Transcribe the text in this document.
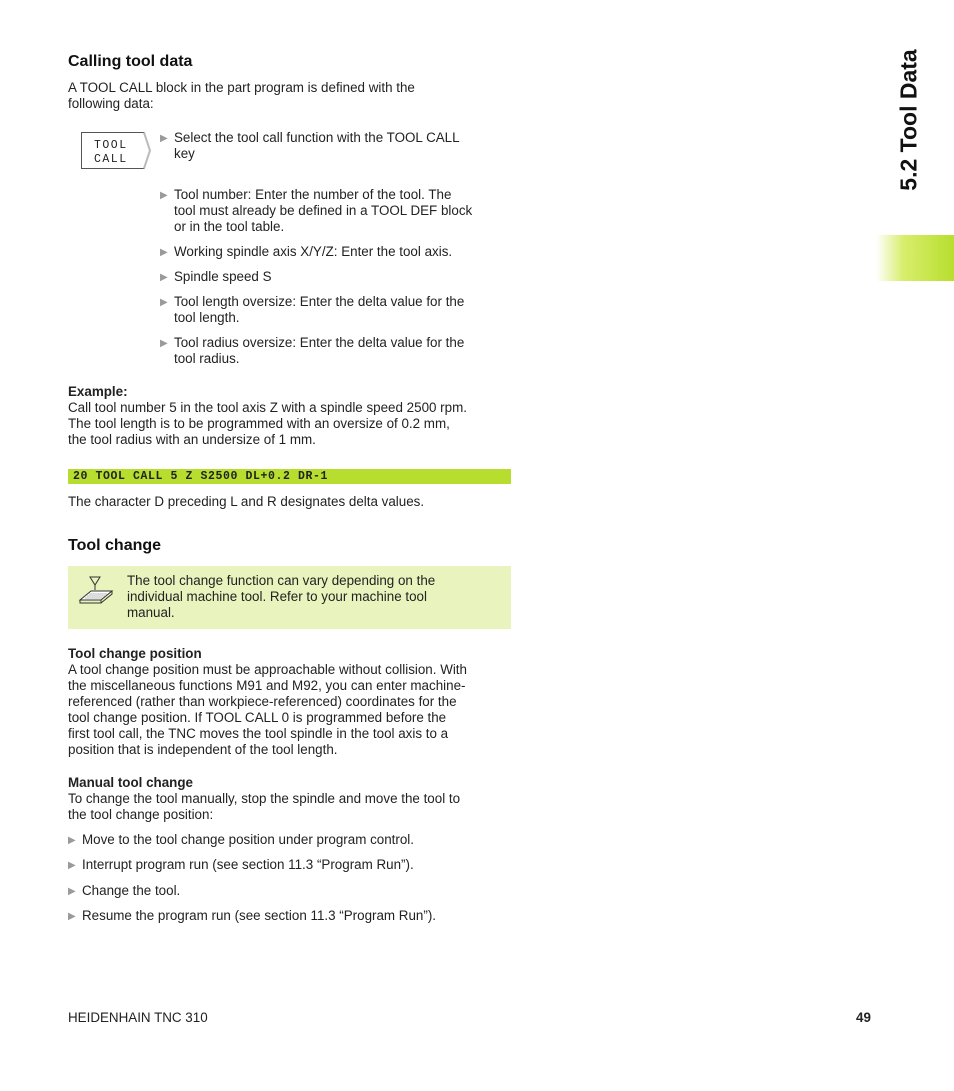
5.2 Tool Data
Calling tool data

A TOOL CALL block in the part program is defined with the

following data:

TOOL
CALL
▶ Select the tool call function with the TOOL CALL
key
▶ Tool number: Enter the number of the tool. The
tool must already be defined in a TOOL DEF block
or in the tool table.
▶ Working spindle axis X/Y/Z: Enter the tool axis.
▶ Spindle speed S
▶ Tool length oversize: Enter the delta value for the
tool length.
▶ Tool radius oversize: Enter the delta value for the
tool radius.
Example:

Call tool number 5 in the tool axis Z with a spindle speed 2500 rpm.

The tool length is to be programmed with an oversize of 0.2 mm,

the tool radius with an undersize of 1 mm.

20 TOOL CALL 5 Z S2500 DL+0.2 DR-1
The character D preceding L and R designates delta values.
Tool change

The tool change function can vary depending on the

individual machine tool. Refer to your machine tool

manual.

Tool change position

A tool change position must be approachable without collision. With

the miscellaneous functions M91 and M92, you can enter machine-

referenced (rather than workpiece-referenced) coordinates for the

tool change position. If TOOL CALL 0 is programmed before the

first tool call, the TNC moves the tool spindle in the tool axis to a

position that is independent of the tool length.

Manual tool change

To change the tool manually, stop the spindle and move the tool to

the tool change position:

▶ Move to the tool change position under program control.
▶ Interrupt program run (see section 11.3 “Program Run”).
▶ Change the tool.
▶ Resume the program run (see section 11.3 “Program Run”).
HEIDENHAIN TNC 310	49
